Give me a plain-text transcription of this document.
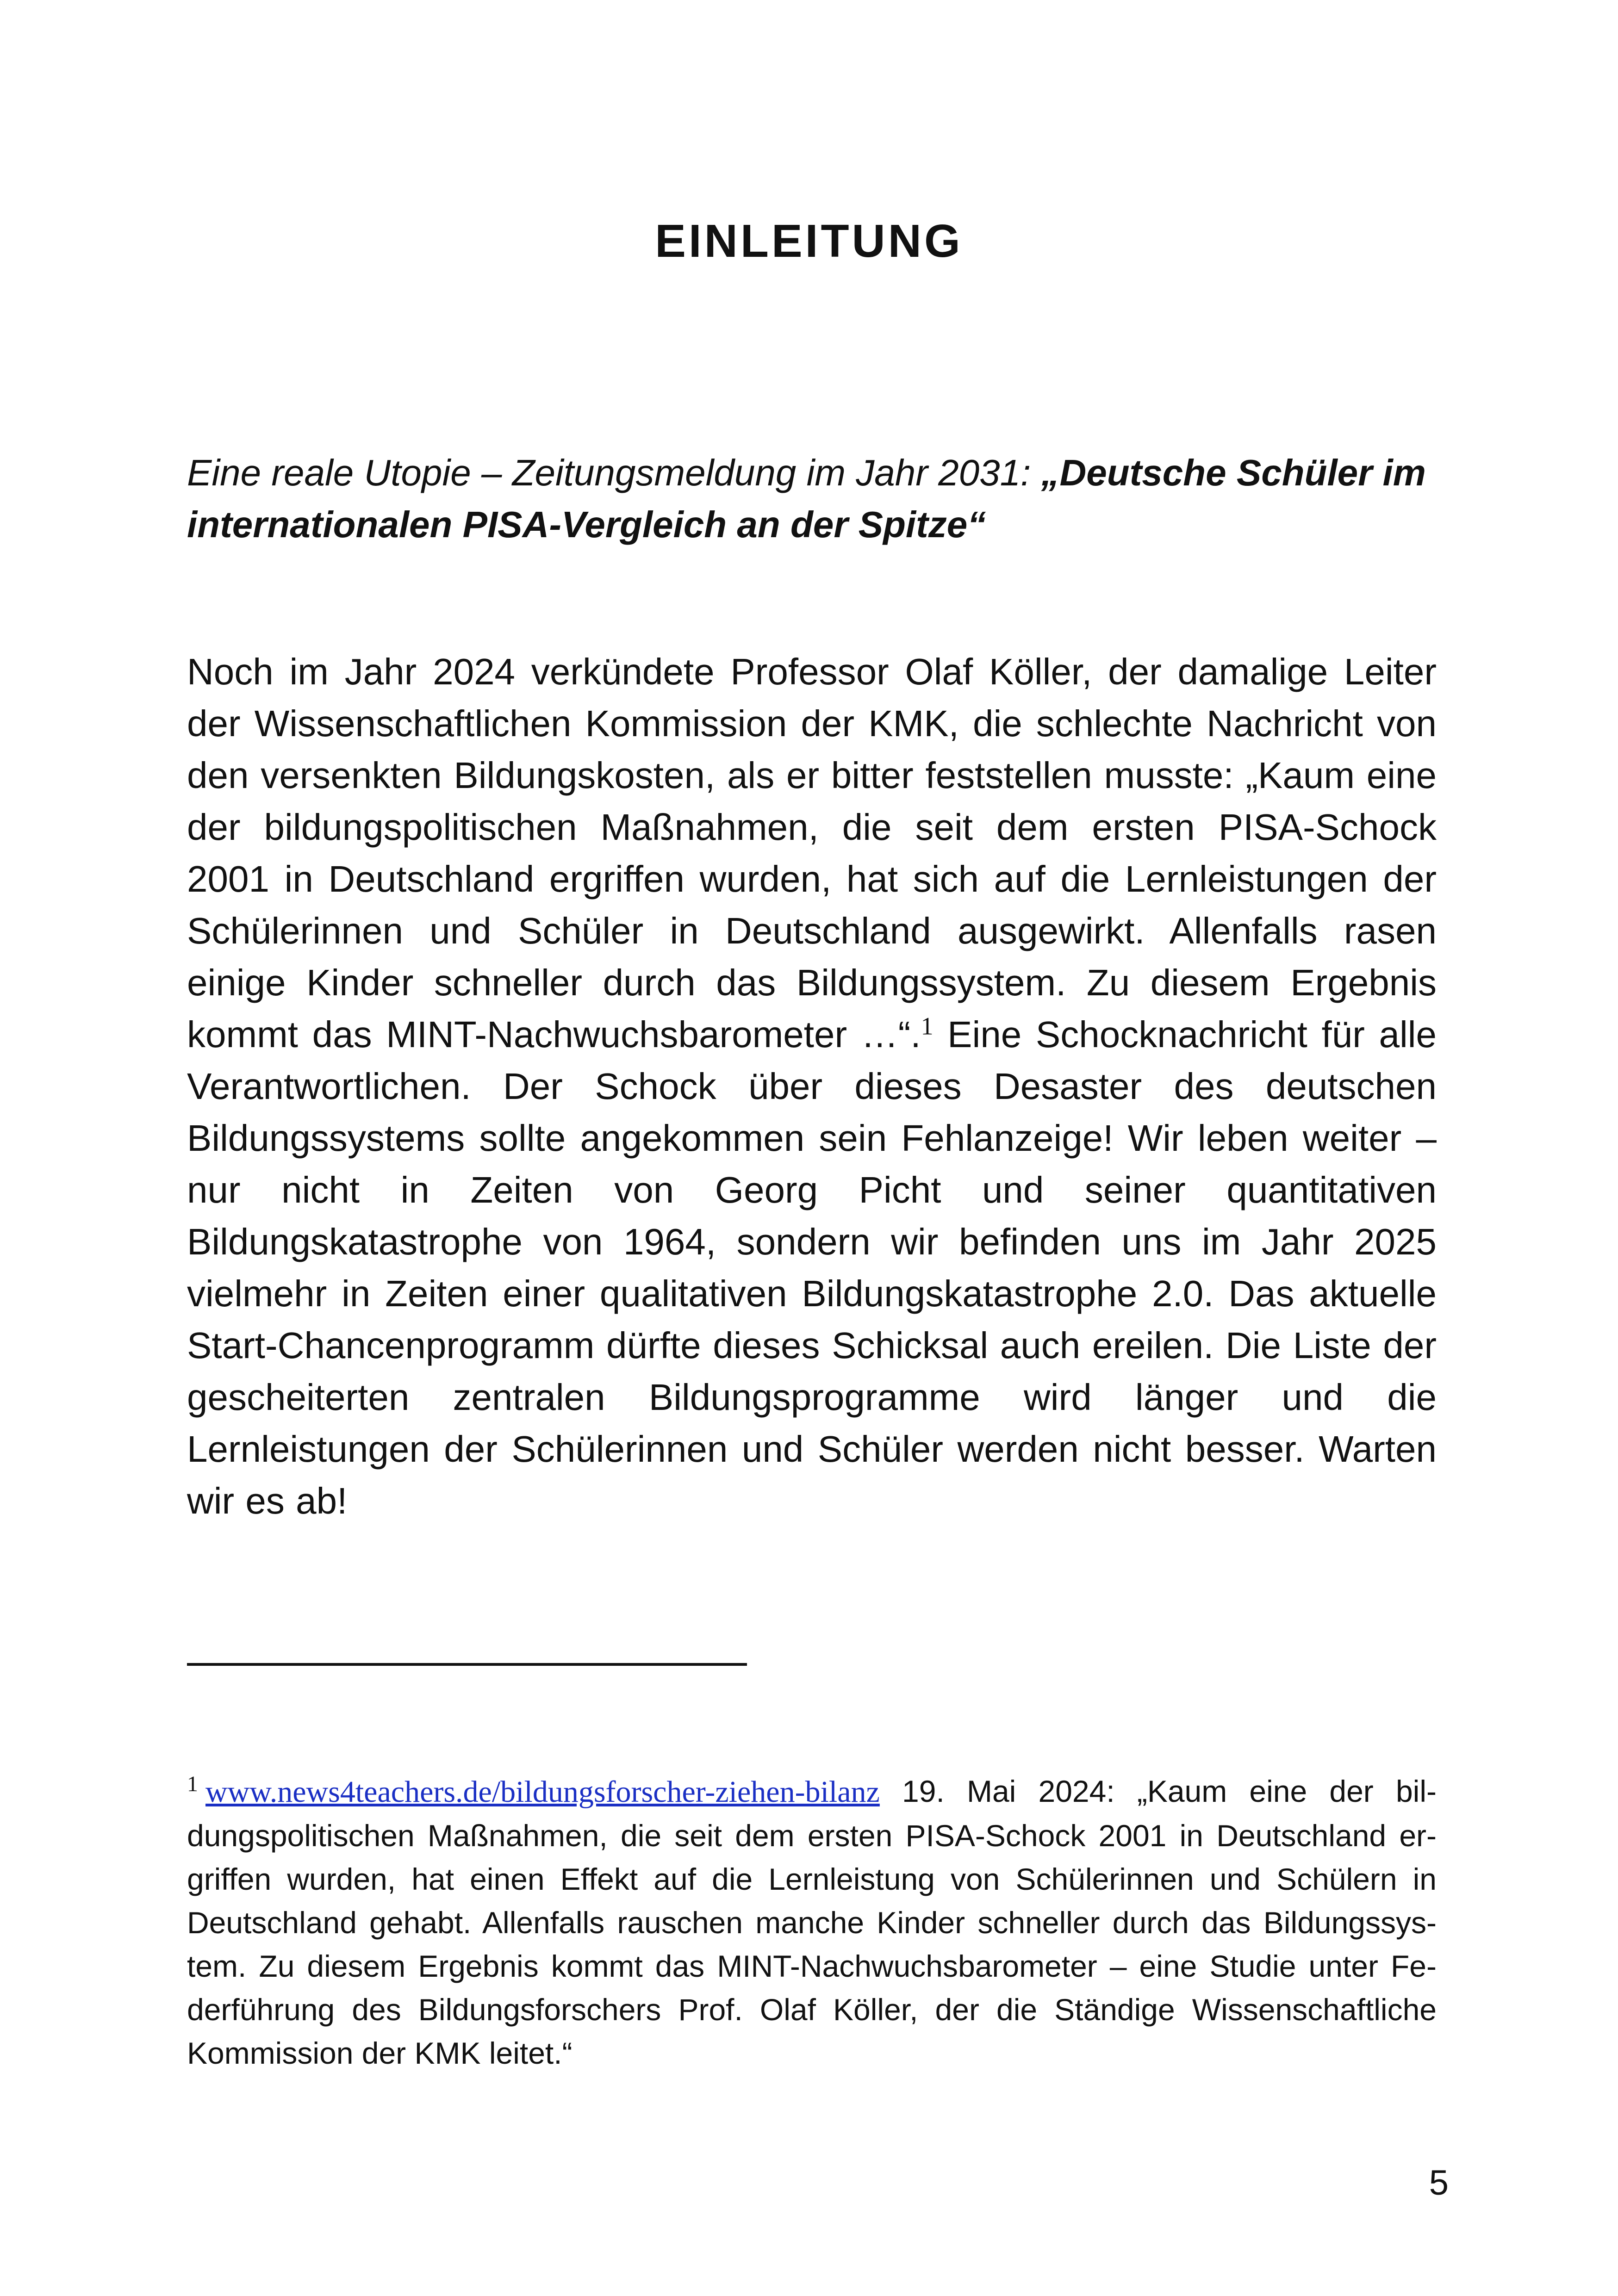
EINLEITUNG
Eine reale Utopie – Zeitungsmeldung im Jahr 2031: „Deutsche Schüler im internationalen PISA-Vergleich an der Spitze“

Noch im Jahr 2024 verkündete Professor Olaf Köller, der damalige Leiter der Wissenschaftlichen Kommission der KMK, die schlechte Nachricht von den versenkten Bildungskosten, als er bitter feststellen musste: „Kaum eine der bildungspolitischen Maßnahmen, die seit dem ersten PISA-Schock 2001 in Deutschland ergriffen wurden, hat sich auf die Lernleistungen der Schülerinnen und Schüler in Deutschland ausgewirkt. Allenfalls rasen einige Kinder schneller durch das Bildungssystem. Zu diesem Ergebnis kommt das MINT-Nachwuchsbarometer …“.$^1$ Eine Schocknachricht für alle Verantwortlichen. Der Schock über dieses Desaster des deutschen Bildungssystems sollte angekommen sein Fehlanzeige! Wir leben weiter – nur nicht in Zeiten von Georg Picht und seiner quantitativen Bildungskatastrophe von 1964, sondern wir befinden uns im Jahr 2025 vielmehr in Zeiten einer qualitativen Bildungskatastrophe 2.0. Das aktuelle Start-Chancenprogramm dürfte dieses Schicksal auch ereilen. Die Liste der gescheiterten zentralen Bildungsprogramme wird länger und die Lernleistungen der Schülerinnen und Schüler werden nicht besser. Warten wir es ab!

$^1$ www.news4teachers.de/bildungsforscher-ziehen-bilanz 19. Mai 2024: „Kaum eine der bildungspolitischen Maßnahmen, die seit dem ersten PISA-Schock 2001 in Deutschland ergriffen wurden, hat einen Effekt auf die Lernleistung von Schülerinnen und Schülern in Deutschland gehabt. Allenfalls rauschen manche Kinder schneller durch das Bildungssystem. Zu diesem Ergebnis kommt das MINT-Nachwuchsbarometer – eine Studie unter Federführung des Bildungsforschers Prof. Olaf Köller, der die Ständige Wissenschaftliche Kommission der KMK leitet.“

5
